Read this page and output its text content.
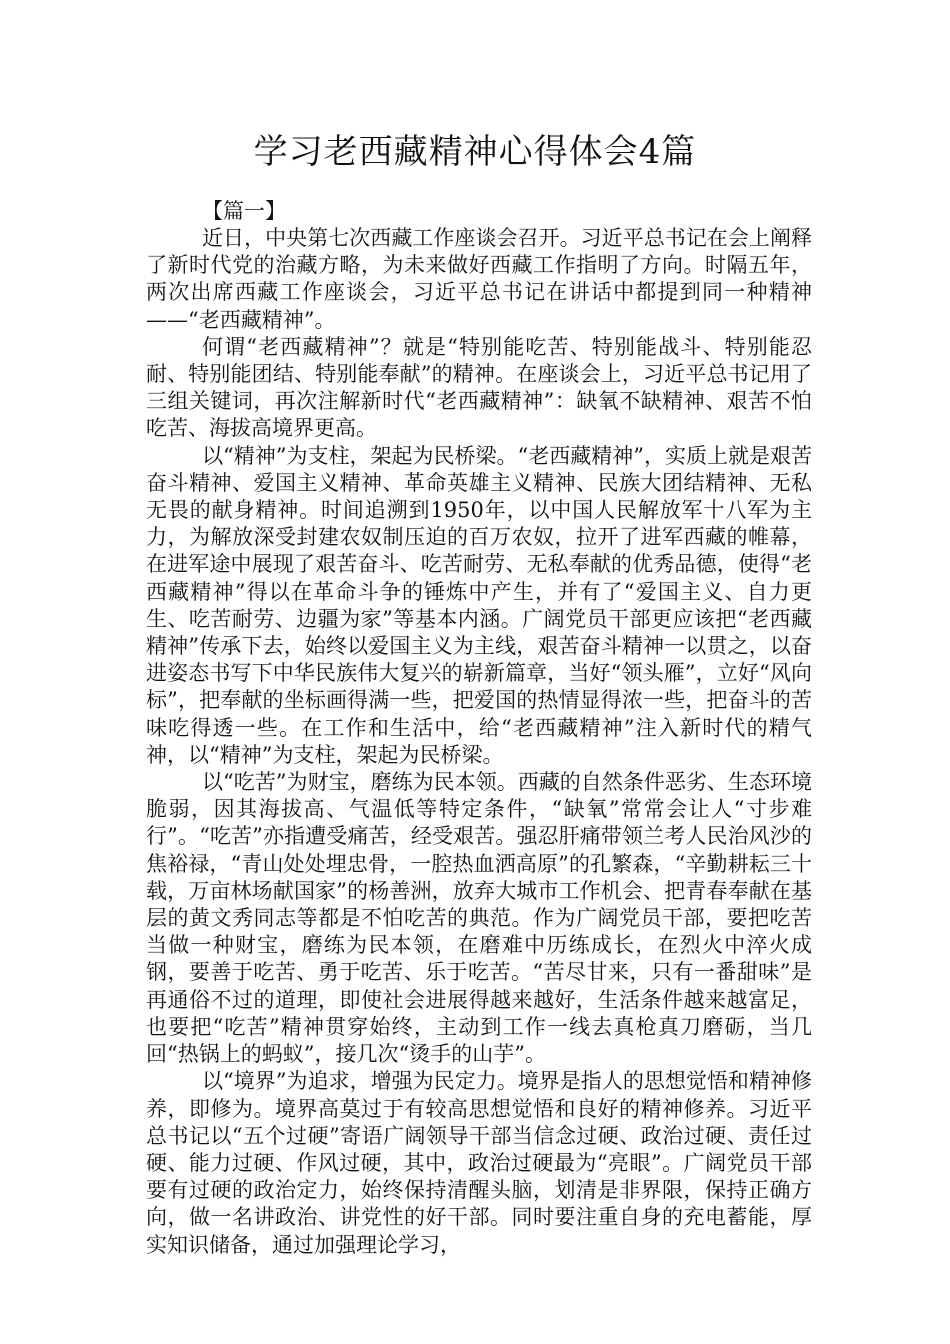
学习老西藏精神心得体会4篇

【篇一】

近日，中央第七次西藏工作座谈会召开。习近平总书记在会上阐释了新时代党的治藏方略，为未来做好西藏工作指明了方向。时隔五年，两次出席西藏工作座谈会，习近平总书记在讲话中都提到同一种精神——“老西藏精神”。

何谓“老西藏精神”？就是“特别能吃苦、特别能战斗、特别能忍耐、特别能团结、特别能奉献”的精神。在座谈会上，习近平总书记用了三组关键词，再次注解新时代“老西藏精神”：缺氧不缺精神、艰苦不怕吃苦、海拔高境界更高。

以“精神”为支柱，架起为民桥梁。“老西藏精神”，实质上就是艰苦奋斗精神、爱国主义精神、革命英雄主义精神、民族大团结精神、无私无畏的献身精神。时间追溯到1950年，以中国人民解放军十八军为主力，为解放深受封建农奴制压迫的百万农奴，拉开了进军西藏的帷幕，在进军途中展现了艰苦奋斗、吃苦耐劳、无私奉献的优秀品德，使得“老西藏精神”得以在革命斗争的锤炼中产生，并有了“爱国主义、自力更生、吃苦耐劳、边疆为家”等基本内涵。广阔党员干部更应该把“老西藏精神”传承下去，始终以爱国主义为主线，艰苦奋斗精神一以贯之，以奋进姿态书写下中华民族伟大复兴的崭新篇章，当好“领头雁”，立好“风向标”，把奉献的坐标画得满一些，把爱国的热情显得浓一些，把奋斗的苦味吃得透一些。在工作和生活中，给“老西藏精神”注入新时代的精气神，以“精神”为支柱，架起为民桥梁。

以“吃苦”为财宝，磨练为民本领。西藏的自然条件恶劣、生态环境脆弱，因其海拔高、气温低等特定条件，“缺氧”常常会让人“寸步难行”。“吃苦”亦指遭受痛苦，经受艰苦。强忍肝痛带领兰考人民治风沙的焦裕禄，“青山处处埋忠骨，一腔热血洒高原”的孔繁森，“辛勤耕耘三十载，万亩林场献国家”的杨善洲，放弃大城市工作机会、把青春奉献在基层的黄文秀同志等都是不怕吃苦的典范。作为广阔党员干部，要把吃苦当做一种财宝，磨练为民本领，在磨难中历练成长，在烈火中淬火成钢，要善于吃苦、勇于吃苦、乐于吃苦。“苦尽甘来，只有一番甜味”是再通俗不过的道理，即使社会进展得越来越好，生活条件越来越富足，也要把“吃苦”精神贯穿始终，主动到工作一线去真枪真刀磨砺，当几回“热锅上的蚂蚁”，接几次“烫手的山芋”。

以“境界”为追求，增强为民定力。境界是指人的思想觉悟和精神修养，即修为。境界高莫过于有较高思想觉悟和良好的精神修养。习近平总书记以“五个过硬”寄语广阔领导干部当信念过硬、政治过硬、责任过硬、能力过硬、作风过硬，其中，政治过硬最为“亮眼”。广阔党员干部要有过硬的政治定力，始终保持清醒头脑，划清是非界限，保持正确方向，做一名讲政治、讲党性的好干部。同时要注重自身的充电蓄能，厚实知识储备，通过加强理论学习，
